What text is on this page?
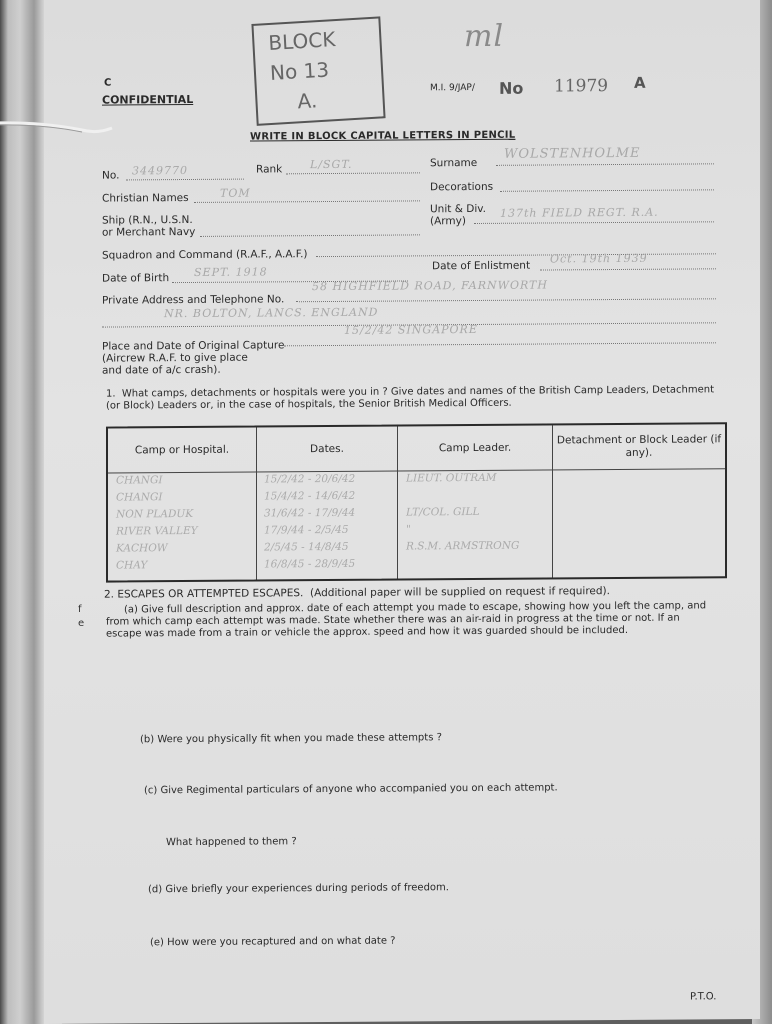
BLOCK
No 13
A.
ml
C
CONFIDENTIAL
M.I. 9/JAP/ No 11979 A
WRITE IN BLOCK CAPITAL LETTERS IN PENCIL
No. 3449770	Rank	L/SGT.	Surname
WOLSTENHOLME
Christian Names	TOM	Decorations
Ship (R.N., U.S.N.
or Merchant Navy
Unit & Div.
(Army)
137th FIELD REGT. R.A.
Squadron and Command (R.A.F., A.A.F.)
Date of Birth SEPT. 1918	Date of Enlistment
Oct. 19th 1939
Private Address and Telephone No.
58 HIGHFIELD ROAD, FARNWORTH
NR. BOLTON, LANCS. ENGLAND
Place and Date of Original Capture
(Aircrew R.A.F. to give place
and date of a/c crash).
15/2/42 SINGAPORE
1. What camps, detachments or hospitals were you in ? Give dates and names of the British Camp Leaders, Detachment
(or Block) Leaders or, in the case of hospitals, the Senior British Medical Officers.
Camp or Hospital.	Dates.	Camp Leader.
Detachment or Block Leader (if any).
CHANGI	15/2/42 - 20/6/42	LIEUT. OUTRAM
CHANGI	15/4/42 - 14/6/42
NON PLADUK	31/6/42 - 17/9/44	LT/COL. GILL
RIVER VALLEY	17/9/44 - 2/5/45	"
KACHOW	2/5/45 - 14/8/45	R.S.M. ARMSTRONG
CHAY	16/8/45 - 28/9/45
2. ESCAPES OR ATTEMPTED ESCAPES. (Additional paper will be supplied on request if required).
(a) Give full description and approx. date of each attempt you made to escape, showing how you left the camp, and
from which camp each attempt was made. State whether there was an air-raid in progress at the time or not. If an
escape was made from a train or vehicle the approx. speed and how it was guarded should be included.
(b) Were you physically fit when you made these attempts ?
(c) Give Regimental particulars of anyone who accompanied you on each attempt.
What happened to them ?
(d) Give briefly your experiences during periods of freedom.
(e) How were you recaptured and on what date ?
P.T.O.
f
e
